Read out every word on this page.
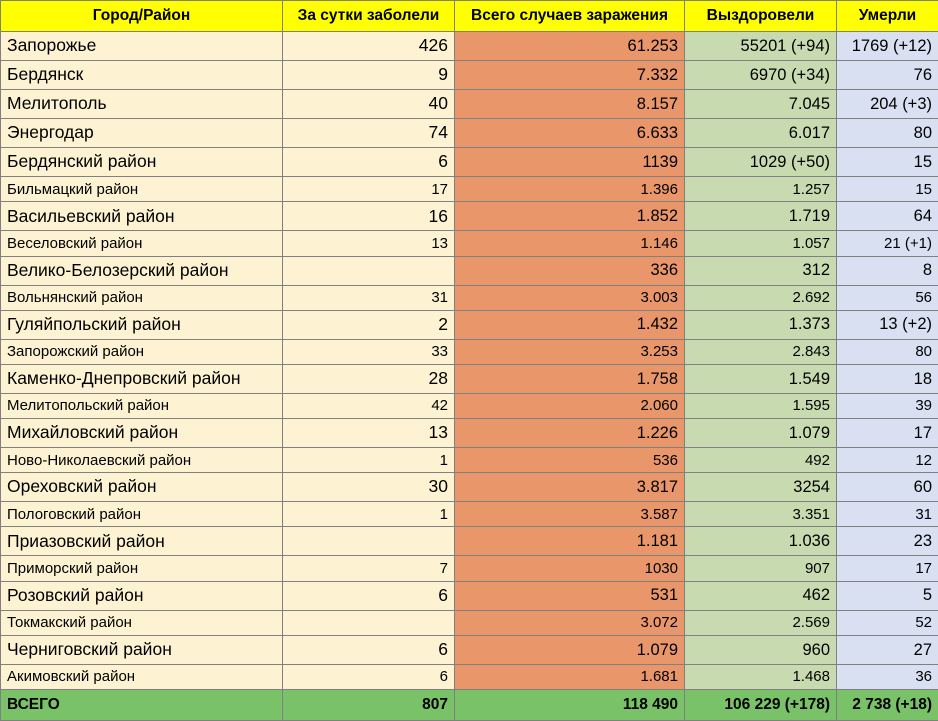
Город/Район	За сутки заболели	Всего случаев заражения	Выздоровели	Умерли
Запорожье	426	61.253	55201 (+94)	1769 (+12)
Бердянск	9	7.332	6970 (+34)	76
Мелитополь	40	8.157	7.045	204 (+3)
Энергодар	74	6.633	6.017	80
Бердянский район	6	1139	1029 (+50)	15
Бильмацкий район	17	1.396	1.257	15
Васильевский район	16	1.852	1.719	64
Веселовский район	13	1.146	1.057	21 (+1)
Велико-Белозерский район		336	312	8
Вольнянский район	31	3.003	2.692	56
Гуляйпольский район	2	1.432	1.373	13 (+2)
Запорожский район	33	3.253	2.843	80
Каменко-Днепровский район	28	1.758	1.549	18
Мелитопольский район	42	2.060	1.595	39
Михайловский район	13	1.226	1.079	17
Ново-Николаевский район	1	536	492	12
Ореховский район	30	3.817	3254	60
Пологовский район	1	3.587	3.351	31
Приазовский район		1.181	1.036	23
Приморский район	7	1030	907	17
Розовский район	6	531	462	5
Токмакский район		3.072	2.569	52
Черниговский район	6	1.079	960	27
Акимовский район	6	1.681	1.468	36
ВСЕГО	807	118 490	106 229 (+178)	2 738 (+18)
